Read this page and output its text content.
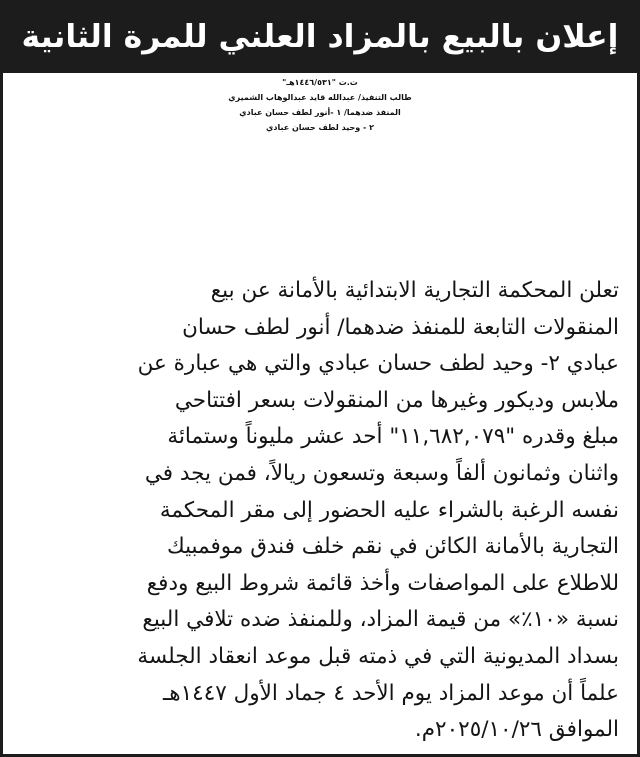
إعلان بالبيع بالمزاد العلني للمرة الثانية
ت.ت "١٤٤٦/٥٣١هـ"
طالب التنفيذ/ عبدالله قايد عبدالوهاب الشميري
المنفذ ضدهما/ ١ -أنور لطف حسان عبادي
٢ - وحيد لطف حسان عبادي
تعلن المحكمة التجارية الابتدائية بالأمانة عن بيع
المنقولات التابعة للمنفذ ضدهما/ أنور لطف حسان
عبادي ٢- وحيد لطف حسان عبادي والتي هي عبارة عن
ملابس وديكور وغيرها من المنقولات بسعر افتتاحي
مبلغ وقدره "١١,٦٨٢,٠٧٩" أحد عشر مليوناً وستمائة
واثنان وثمانون ألفاً وسبعة وتسعون ريالاً، فمن يجد في
نفسه الرغبة بالشراء عليه الحضور إلى مقر المحكمة
التجارية بالأمانة الكائن في نقم خلف فندق موفمبيك
للاطلاع على المواصفات وأخذ قائمة شروط البيع ودفع
نسبة «١٠٪» من قيمة المزاد، وللمنفذ ضده تلافي البيع
بسداد المديونية التي في ذمته قبل موعد انعقاد الجلسة
علماً أن موعد المزاد يوم الأحد ٤ جماد الأول ١٤٤٧هـ
الموافق ٢٠٢٥/١٠/٢٦م.
